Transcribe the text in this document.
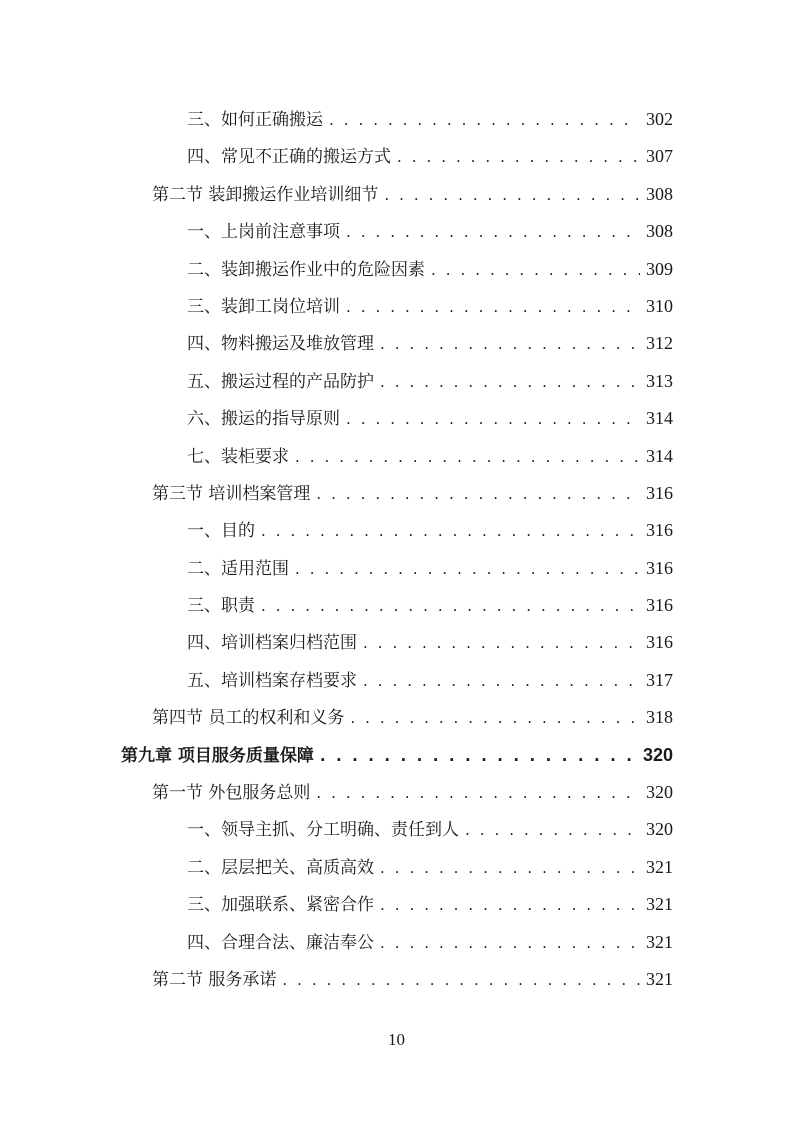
三、如何正确搬运 . . .	302
四、常见不正确的搬运方式 . . .	307
第二节 装卸搬运作业培训细节 . . .	308
一、上岗前注意事项 . . .	308
二、装卸搬运作业中的危险因素 . . .	309
三、装卸工岗位培训 . . .	310
四、物料搬运及堆放管理 . . .	312
五、搬运过程的产品防护 . . .	313
六、搬运的指导原则 . . .	314
七、装柜要求 . . .	314
第三节 培训档案管理 . . .	316
一、目的 . . .	316
二、适用范围 . . .	316
三、职责 . . .	316
四、培训档案归档范围 . . .	316
五、培训档案存档要求 . . .	317
第四节 员工的权利和义务 . . .	318
第九章 项目服务质量保障 . . .	320
第一节 外包服务总则 . . .	320
一、领导主抓、分工明确、责任到人 . . .	320
二、层层把关、高质高效 . . .	321
三、加强联系、紧密合作 . . .	321
四、合理合法、廉洁奉公 . . .	321
第二节 服务承诺 . . .	321
10
